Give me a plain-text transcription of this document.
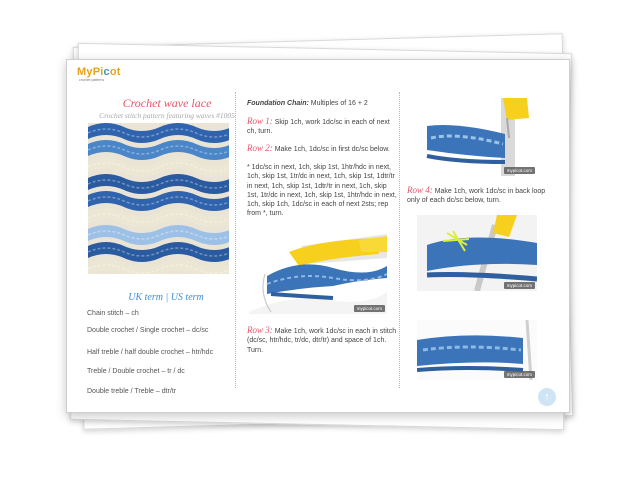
MyPicot
crochet patterns
Crochet wave lace
Crochet stitch pattern featuring waves #1005
UK term | US term
Chain stitch – ch
Double crochet / Single crochet – dc/sc
Half treble / half double crochet – htr/hdc
Treble / Double crochet – tr / dc
Double treble / Treble – dtr/tr
Foundation Chain: Multiples of 16 + 2
Row 1: Skip 1ch, work 1dc/sc in each of next ch, turn.
Row 2: Make 1ch, 1dc/sc in first dc/sc below.
* 1dc/sc in next, 1ch, skip 1st, 1htr/hdc in next, 1ch, skip 1st, 1tr/dc in next, 1ch, skip 1st, 1dtr/tr in next, 1ch, skip 1st, 1dtr/tr in next, 1ch, skip 1st, 1tr/dc in next, 1ch, skip 1st, 1htr/hdc in next, 1ch, skip 1ch, 1dc/sc in each of next 2sts; rep from *, turn.
mypicot.com
Row 3: Make 1ch, work 1dc/sc in each in stitch (dc/sc, htr/hdc, tr/dc, dtr/tr) and space of 1ch. Turn.
mypicot.com
Row 4: Make 1ch, work 1dc/sc in back loop only of each dc/sc below, turn.
mypicot.com
mypicot.com
↑
